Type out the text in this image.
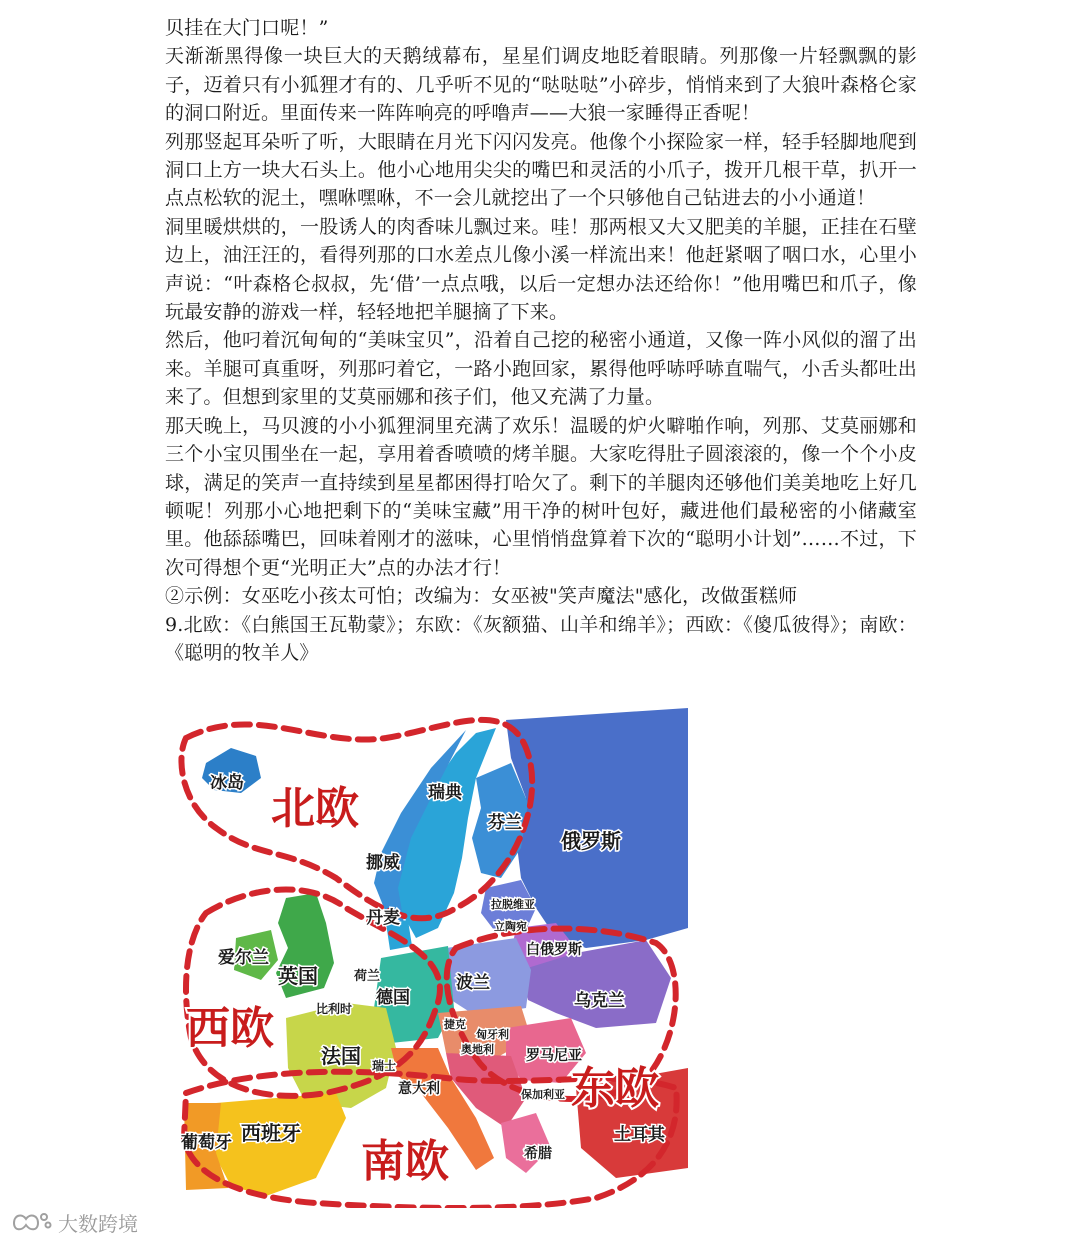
贝挂在大门口呢！”

天渐渐黑得像一块巨大的天鹅绒幕布，星星们调皮地眨着眼睛。列那像一片轻飘飘的影子，迈着只有小狐狸才有的、几乎听不见的“哒哒哒”小碎步，悄悄来到了大狼叶森格仑家的洞口附近。里面传来一阵阵响亮的呼噜声——大狼一家睡得正香呢！

列那竖起耳朵听了听，大眼睛在月光下闪闪发亮。他像个小探险家一样，轻手轻脚地爬到洞口上方一块大石头上。他小心地用尖尖的嘴巴和灵活的小爪子，拨开几根干草，扒开一点点松软的泥土，嘿咻嘿咻，不一会儿就挖出了一个只够他自己钻进去的小小通道！

洞里暖烘烘的，一股诱人的肉香味儿飘过来。哇！那两根又大又肥美的羊腿，正挂在石壁边上，油汪汪的，看得列那的口水差点儿像小溪一样流出来！他赶紧咽了咽口水，心里小声说：“叶森格仑叔叔，先‘借’一点点哦，以后一定想办法还给你！”他用嘴巴和爪子，像玩最安静的游戏一样，轻轻地把羊腿摘了下来。

然后，他叼着沉甸甸的“美味宝贝”，沿着自己挖的秘密小通道，又像一阵小风似的溜了出来。羊腿可真重呀，列那叼着它，一路小跑回家，累得他呼哧呼哧直喘气，小舌头都吐出来了。但想到家里的艾莫丽娜和孩子们，他又充满了力量。

那天晚上，马贝渡的小小狐狸洞里充满了欢乐！温暖的炉火噼啪作响，列那、艾莫丽娜和三个小宝贝围坐在一起，享用着香喷喷的烤羊腿。大家吃得肚子圆滚滚的，像一个个小皮球，满足的笑声一直持续到星星都困得打哈欠了。剩下的羊腿肉还够他们美美地吃上好几顿呢！列那小心地把剩下的“美味宝藏”用干净的树叶包好，藏进他们最秘密的小储藏室里。他舔舔嘴巴，回味着刚才的滋味，心里悄悄盘算着下次的“聪明小计划”……不过，下次可得想个更“光明正大”点的办法才行！

②示例：女巫吃小孩太可怕；改编为：女巫被"笑声魔法"感化，改做蛋糕师

9.北欧：《白熊国王瓦勒蒙》；东欧：《灰额猫、山羊和绵羊》；西欧：《傻瓜彼得》；南欧：《聪明的牧羊人》

北欧
西欧
东欧
南欧
冰岛	瑞典
芬兰
俄罗斯
挪威
丹麦
拉脱维亚
立陶宛
白俄罗斯
爱尔兰
英国	荷兰
德国
波兰
乌克兰
比利时
捷克
奥地利
匈牙利
法国 瑞士
罗马尼亚
意大利	保加利亚
葡萄牙 西班牙
希腊
土耳其
大数跨境
